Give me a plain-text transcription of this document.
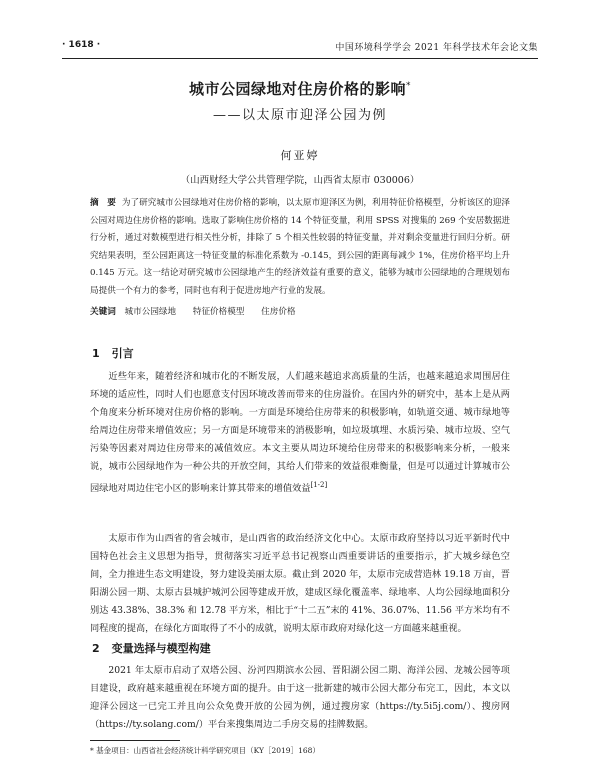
· 1618 ·	中国环境科学学会 2021 年科学技术年会论文集
城市公园绿地对住房价格的影响*
——以太原市迎泽公园为例
何亚婷
（山西财经大学公共管理学院，山西省太原市 030006）
摘　要 为了研究城市公园绿地对住房价格的影响，以太原市迎泽区为例，利用特征价格模型，分析该区的迎泽公园对周边住房价格的影响。选取了影响住房价格的 14 个特征变量，利用 SPSS 对搜集的 269 个安居数据进行分析，通过对数模型进行相关性分析，排除了 5 个相关性较弱的特征变量，并对剩余变量进行回归分析。研究结果表明，至公园距离这一特征变量的标准化系数为 -0.145，到公园的距离每减少 1%，住房价格平均上升 0.145 万元。这一结论对研究城市公园绿地产生的经济效益有重要的意义，能够为城市公园绿地的合理规划布局提供一个有力的参考，同时也有利于促进房地产行业的发展。
关键词 城市公园绿地 特征价格模型 住房价格
1 引言

近些年来，随着经济和城市化的不断发展，人们越来越追求高质量的生活，也越来越追求周围居住环境的适应性，同时人们也愿意支付因环境改善而带来的住房溢价。在国内外的研究中，基本上是从两个角度来分析环境对住房价格的影响。一方面是环境给住房带来的积极影响，如轨道交通、城市绿地等给周边住房带来增值效应；另一方面是环境带来的消极影响，如垃圾填埋、水质污染、城市垃圾、空气污染等因素对周边住房带来的减值效应。本文主要从周边环境给住房带来的积极影响来分析，一般来说，城市公园绿地作为一种公共的开放空间，其给人们带来的效益很难衡量，但是可以通过计算城市公园绿地对周边住宅小区的影响来计算其带来的增值效益[1-2]

太原市作为山西省的省会城市，是山西省的政治经济文化中心。太原市政府坚持以习近平新时代中国特色社会主义思想为指导，贯彻落实习近平总书记视察山西重要讲话的重要指示，扩大城乡绿色空间，全力推进生态文明建设，努力建设美丽太原。截止到 2020 年，太原市完成营造林 19.18 万亩，晋阳湖公园一期、太原古县城护城河公园等建成开放，建成区绿化覆盖率、绿地率、人均公园绿地面积分别达 43.38%、38.3% 和 12.78 平方米，相比于“十二五”末的 41%、36.07%、11.56 平方米均有不同程度的提高，在绿化方面取得了不小的成就，说明太原市政府对绿化这一方面越来越重视。

2 变量选择与模型构建

2021 年太原市启动了双塔公园、汾河四期滨水公园、晋阳湖公园二期、海洋公园、龙城公园等项目建设，政府越来越重视在环境方面的提升。由于这一批新建的城市公园大都分布完工，因此，本文以迎泽公园这一已完工并且向公众免费开放的公园为例，通过搜房家（https://ty.5i5j.com/）、搜房网（https://ty.solang.com/）平台来搜集周边二手房交易的挂牌数据。

* 基金项目：山西省社会经济统计科学研究项目（KY［2019］168）
